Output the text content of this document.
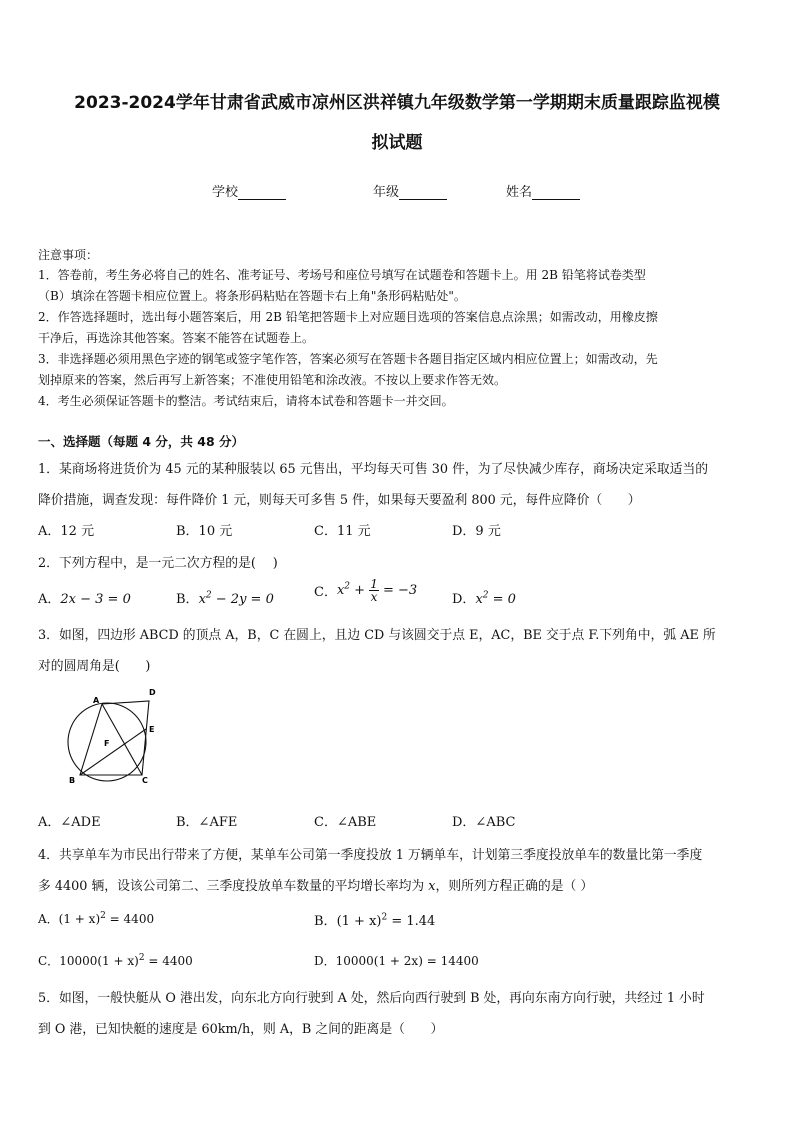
2023-2024学年甘肃省武威市凉州区洪祥镇九年级数学第一学期期末质量跟踪监视模
拟试题
学校	年级	姓名
注意事项：
1．答卷前，考生务必将自己的姓名、准考证号、考场号和座位号填写在试题卷和答题卡上。用 2B 铅笔将试卷类型
（B）填涂在答题卡相应位置上。将条形码粘贴在答题卡右上角"条形码粘贴处"。
2．作答选择题时，选出每小题答案后，用 2B 铅笔把答题卡上对应题目选项的答案信息点涂黑；如需改动，用橡皮擦
干净后，再选涂其他答案。答案不能答在试题卷上。
3．非选择题必须用黑色字迹的钢笔或签字笔作答，答案必须写在答题卡各题目指定区域内相应位置上；如需改动，先
划掉原来的答案，然后再写上新答案；不准使用铅笔和涂改液。不按以上要求作答无效。
4．考生必须保证答题卡的整洁。考试结束后，请将本试卷和答题卡一并交回。
一、选择题（每题 4 分，共 48 分）
1．某商场将进货价为 45 元的某种服装以 65 元售出，平均每天可售 30 件，为了尽快减少库存，商场决定采取适当的
降价措施，调查发现：每件降价 1 元，则每天可多售 5 件，如果每天要盈利 800 元，每件应降价（　　）
A．12 元	B．10 元	C．11 元	D．9 元
2．下列方程中，是一元二次方程的是(　 )
A．2x − 3 = 0	B．$x^2 - 2y = 0$	C．$x^2 + \frac{1}{x} = -3$
D．$x^2 = 0$
3．如图，四边形 ABCD 的顶点 A，B，C 在圆上，且边 CD 与该圆交于点 E，AC，BE 交于点 F.下列角中，弧 AE 所
对的圆周角是(　　)
A
D
E
F
B	C
A．∠ADE	B．∠AFE	C．∠ABE	D．∠ABC
4．共享单车为市民出行带来了方便，某单车公司第一季度投放 1 万辆单车，计划第三季度投放单车的数量比第一季度
多 4400 辆，设该公司第二、三季度投放单车数量的平均增长率均为 x，则所列方程正确的是（ ）
A．$(1 + x)^2 = 4400$	B．$(1 + x)^2 = 1.44$
C．$10000(1 + x)^2 = 4400$	D．10000(1 + 2x) = 14400
5．如图，一般快艇从 O 港出发，向东北方向行驶到 A 处，然后向西行驶到 B 处，再向东南方向行驶，共经过 1 小时
到 O 港，已知快艇的速度是 60km/h，则 A，B 之间的距离是（　　）
